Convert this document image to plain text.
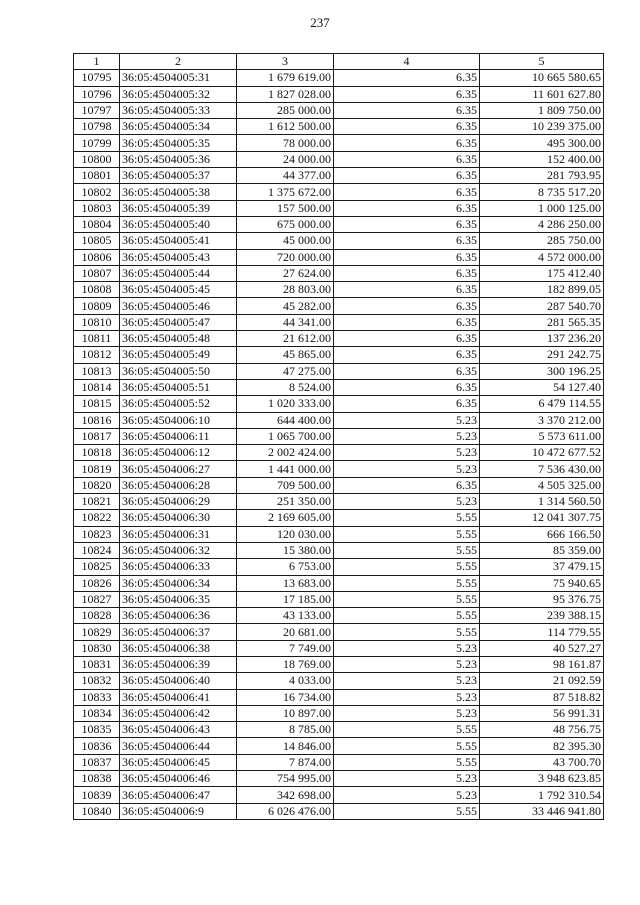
237
1	2	3	4	5
10795	36:05:4504005:31	1 679 619.00	6.35	10 665 580.65
10796	36:05:4504005:32	1 827 028.00	6.35	11 601 627.80
10797	36:05:4504005:33	285 000.00	6.35	1 809 750.00
10798	36:05:4504005:34	1 612 500.00	6.35	10 239 375.00
10799	36:05:4504005:35	78 000.00	6.35	495 300.00
10800	36:05:4504005:36	24 000.00	6.35	152 400.00
10801	36:05:4504005:37	44 377.00	6.35	281 793.95
10802	36:05:4504005:38	1 375 672.00	6.35	8 735 517.20
10803	36:05:4504005:39	157 500.00	6.35	1 000 125.00
10804	36:05:4504005:40	675 000.00	6.35	4 286 250.00
10805	36:05:4504005:41	45 000.00	6.35	285 750.00
10806	36:05:4504005:43	720 000.00	6.35	4 572 000.00
10807	36:05:4504005:44	27 624.00	6.35	175 412.40
10808	36:05:4504005:45	28 803.00	6.35	182 899.05
10809	36:05:4504005:46	45 282.00	6.35	287 540.70
10810	36:05:4504005:47	44 341.00	6.35	281 565.35
10811	36:05:4504005:48	21 612.00	6.35	137 236.20
10812	36:05:4504005:49	45 865.00	6.35	291 242.75
10813	36:05:4504005:50	47 275.00	6.35	300 196.25
10814	36:05:4504005:51	8 524.00	6.35	54 127.40
10815	36:05:4504005:52	1 020 333.00	6.35	6 479 114.55
10816	36:05:4504006:10	644 400.00	5.23	3 370 212.00
10817	36:05:4504006:11	1 065 700.00	5.23	5 573 611.00
10818	36:05:4504006:12	2 002 424.00	5.23	10 472 677.52
10819	36:05:4504006:27	1 441 000.00	5.23	7 536 430.00
10820	36:05:4504006:28	709 500.00	6.35	4 505 325.00
10821	36:05:4504006:29	251 350.00	5.23	1 314 560.50
10822	36:05:4504006:30	2 169 605.00	5.55	12 041 307.75
10823	36:05:4504006:31	120 030.00	5.55	666 166.50
10824	36:05:4504006:32	15 380.00	5.55	85 359.00
10825	36:05:4504006:33	6 753.00	5.55	37 479.15
10826	36:05:4504006:34	13 683.00	5.55	75 940.65
10827	36:05:4504006:35	17 185.00	5.55	95 376.75
10828	36:05:4504006:36	43 133.00	5.55	239 388.15
10829	36:05:4504006:37	20 681.00	5.55	114 779.55
10830	36:05:4504006:38	7 749.00	5.23	40 527.27
10831	36:05:4504006:39	18 769.00	5.23	98 161.87
10832	36:05:4504006:40	4 033.00	5.23	21 092.59
10833	36:05:4504006:41	16 734.00	5.23	87 518.82
10834	36:05:4504006:42	10 897.00	5.23	56 991.31
10835	36:05:4504006:43	8 785.00	5.55	48 756.75
10836	36:05:4504006:44	14 846.00	5.55	82 395.30
10837	36:05:4504006:45	7 874.00	5.55	43 700.70
10838	36:05:4504006:46	754 995.00	5.23	3 948 623.85
10839	36:05:4504006:47	342 698.00	5.23	1 792 310.54
10840	36:05:4504006:9	6 026 476.00	5.55	33 446 941.80
